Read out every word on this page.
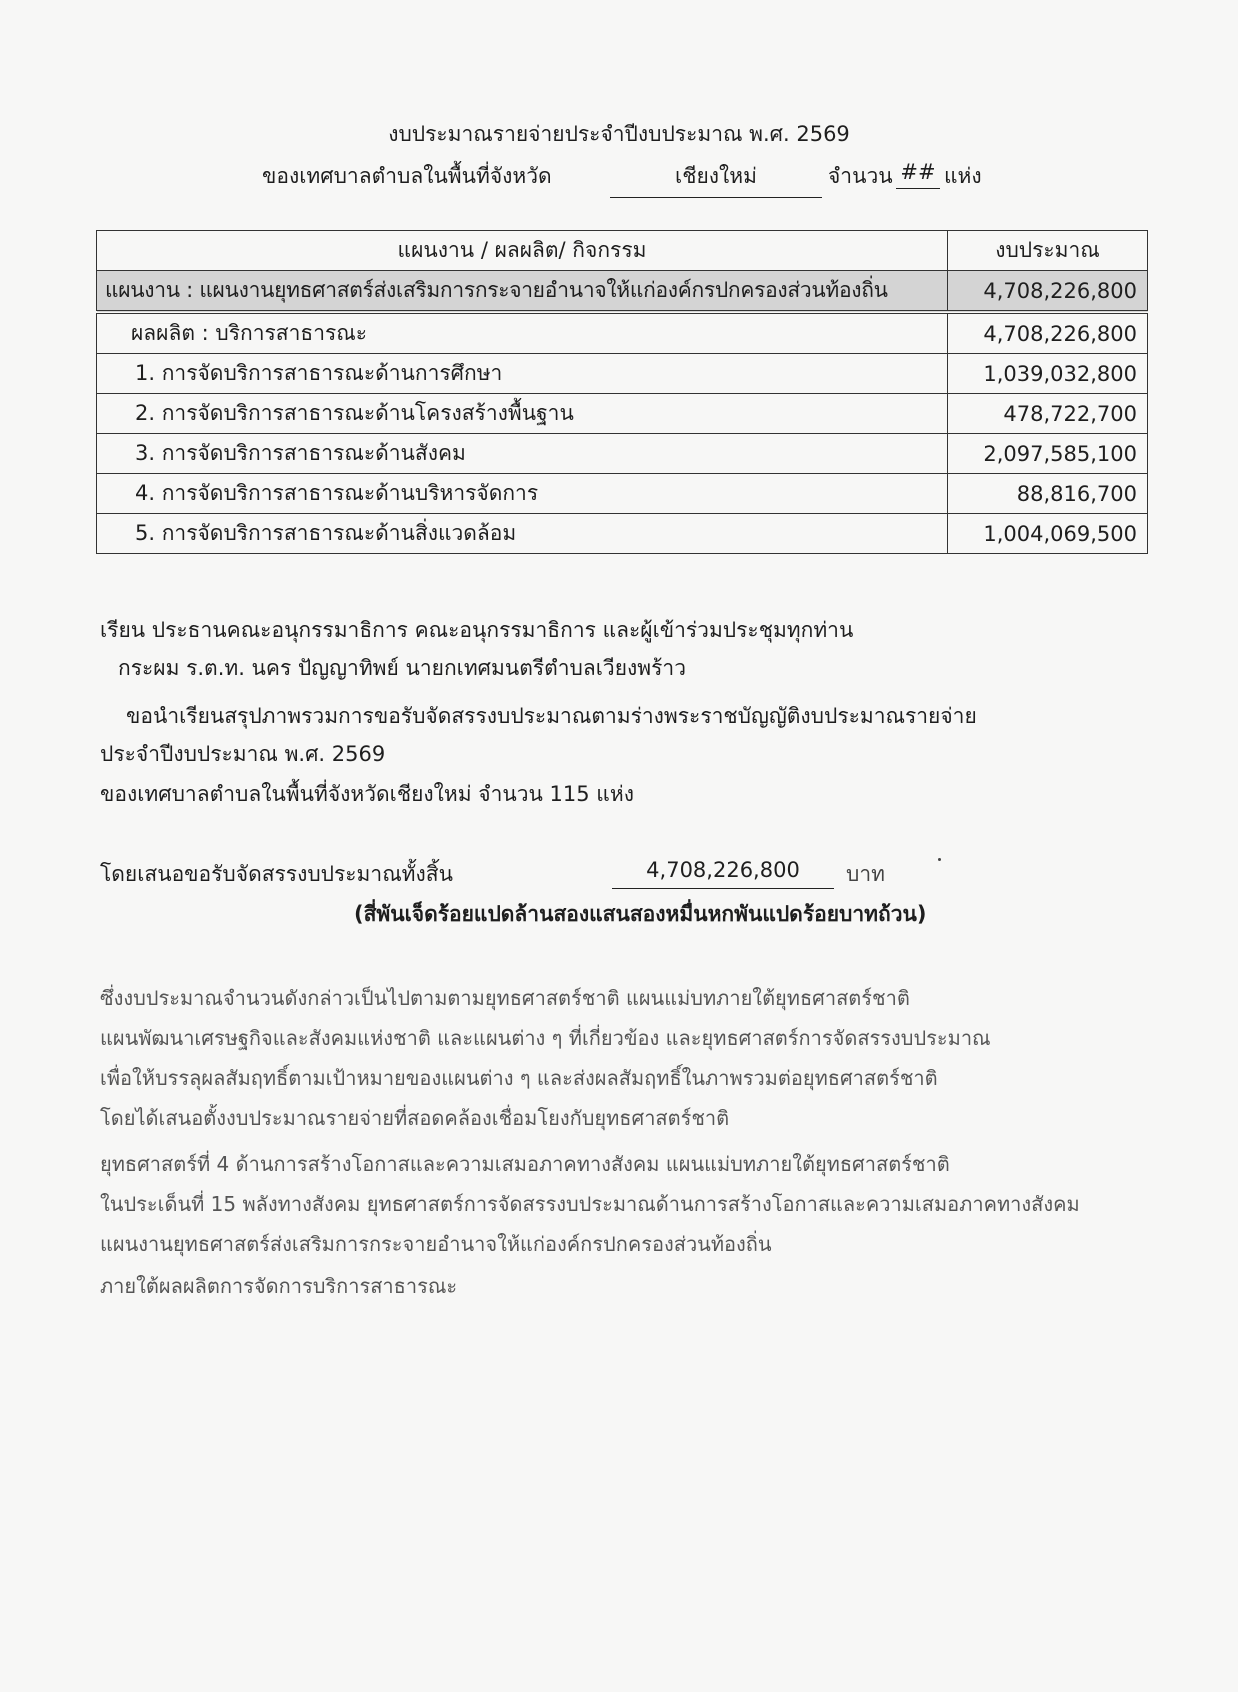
งบประมาณรายจ่ายประจำปีงบประมาณ พ.ศ. 2569
ของเทศบาลตำบลในพื้นที่จังหวัด	เชียงใหม่	จำนวน ## แห่ง
แผนงาน / ผลผลิต/ กิจกรรม	งบประมาณ
แผนงาน : แผนงานยุทธศาสตร์ส่งเสริมการกระจายอำนาจให้แก่องค์กรปกครองส่วนท้องถิ่น	4,708,226,800
ผลผลิต : บริการสาธารณะ	4,708,226,800
1. การจัดบริการสาธารณะด้านการศึกษา	1,039,032,800
2. การจัดบริการสาธารณะด้านโครงสร้างพื้นฐาน	478,722,700
3. การจัดบริการสาธารณะด้านสังคม	2,097,585,100
4. การจัดบริการสาธารณะด้านบริหารจัดการ	88,816,700
5. การจัดบริการสาธารณะด้านสิ่งแวดล้อม	1,004,069,500
เรียน ประธานคณะอนุกรรมาธิการ คณะอนุกรรมาธิการ และผู้เข้าร่วมประชุมทุกท่าน
กระผม ร.ต.ท. นคร ปัญญาทิพย์ นายกเทศมนตรีตำบลเวียงพร้าว
ขอนำเรียนสรุปภาพรวมการขอรับจัดสรรงบประมาณตามร่างพระราชบัญญัติงบประมาณรายจ่าย
ประจำปีงบประมาณ พ.ศ. 2569
ของเทศบาลตำบลในพื้นที่จังหวัดเชียงใหม่ จำนวน 115 แห่ง
โดยเสนอขอรับจัดสรรงบประมาณทั้งสิ้น	4,708,226,800	บาท
(สี่พันเจ็ดร้อยแปดล้านสองแสนสองหมื่นหกพันแปดร้อยบาทถ้วน)
ซึ่งงบประมาณจำนวนดังกล่าวเป็นไปตามตามยุทธศาสตร์ชาติ แผนแม่บทภายใต้ยุทธศาสตร์ชาติ
แผนพัฒนาเศรษฐกิจและสังคมแห่งชาติ และแผนต่าง ๆ ที่เกี่ยวข้อง และยุทธศาสตร์การจัดสรรงบประมาณ
เพื่อให้บรรลุผลสัมฤทธิ์ตามเป้าหมายของแผนต่าง ๆ และส่งผลสัมฤทธิ์ในภาพรวมต่อยุทธศาสตร์ชาติ
โดยได้เสนอตั้งงบประมาณรายจ่ายที่สอดคล้องเชื่อมโยงกับยุทธศาสตร์ชาติ
ยุทธศาสตร์ที่ 4 ด้านการสร้างโอกาสและความเสมอภาคทางสังคม แผนแม่บทภายใต้ยุทธศาสตร์ชาติ
ในประเด็นที่ 15 พลังทางสังคม ยุทธศาสตร์การจัดสรรงบประมาณด้านการสร้างโอกาสและความเสมอภาคทางสังคม
แผนงานยุทธศาสตร์ส่งเสริมการกระจายอำนาจให้แก่องค์กรปกครองส่วนท้องถิ่น
ภายใต้ผลผลิตการจัดการบริการสาธารณะ
